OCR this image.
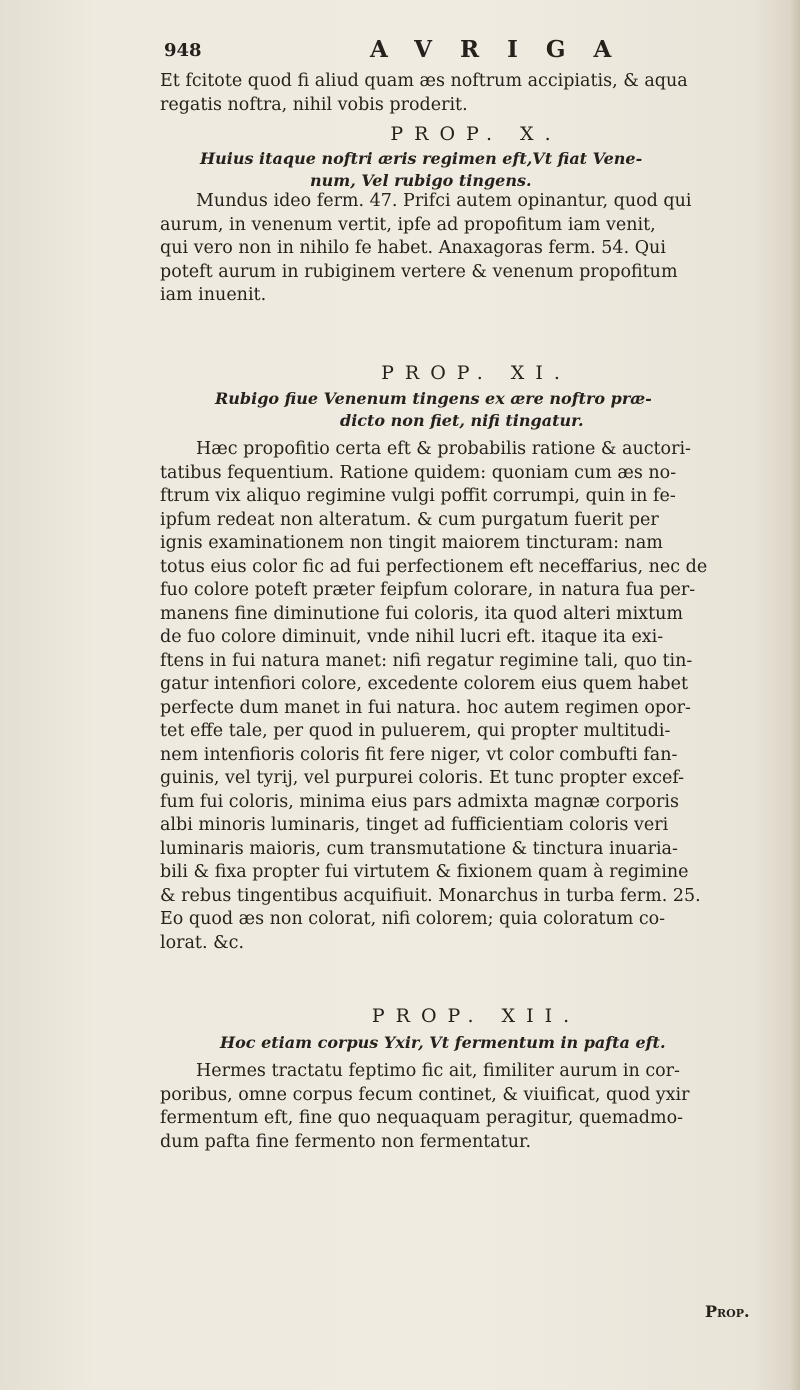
948	AVRIGA
Et fcitote quod fi aliud quam æs noftrum accipiatis, & aqua
regatis noftra, nihil vobis proderit.
PROP. X.
Huius itaque noftri æris regimen eft,Vt fiat Vene-
num, Vel rubigo tingens.
Mundus ideo ferm. 47. Prifci autem opinantur, quod qui
aurum, in venenum vertit, ipfe ad propofitum iam venit,
qui vero non in nihilo fe habet. Anaxagoras ferm. 54. Qui
poteft aurum in rubiginem vertere & venenum propofitum
iam inuenit.
PROP. XI.
Rubigo fiue Venenum tingens ex ære noftro præ-
dicto non fiet, nifi tingatur.
Hæc propofitio certa eft & probabilis ratione & auctori-
tatibus fequentium. Ratione quidem: quoniam cum æs no-
ftrum vix aliquo regimine vulgi poffit corrumpi, quin in fe-
ipfum redeat non alteratum. & cum purgatum fuerit per
ignis examinationem non tingit maiorem tincturam: nam
totus eius color fic ad fui perfectionem eft neceffarius, nec de
fuo colore poteft præter feipfum colorare, in natura fua per-
manens fine diminutione fui coloris, ita quod alteri mixtum
de fuo colore diminuit, vnde nihil lucri eft. itaque ita exi-
ftens in fui natura manet: nifi regatur regimine tali, quo tin-
gatur intenfiori colore, excedente colorem eius quem habet
perfecte dum manet in fui natura. hoc autem regimen opor-
tet effe tale, per quod in puluerem, qui propter multitudi-
nem intenfioris coloris fit fere niger, vt color combufti fan-
guinis, vel tyrij, vel purpurei coloris. Et tunc propter excef-
fum fui coloris, minima eius pars admixta magnæ corporis
albi minoris luminaris, tinget ad fufficientiam coloris veri
luminaris maioris, cum transmutatione & tinctura inuaria-
bili & fixa propter fui virtutem & fixionem quam à regimine
& rebus tingentibus acquifiuit. Monarchus in turba ferm. 25.
Eo quod æs non colorat, nifi colorem; quia coloratum co-
lorat. &c.
PROP. XII.
Hoc etiam corpus Yxir, Vt fermentum in pafta eft.
Hermes tractatu feptimo fic ait, fimiliter aurum in cor-
poribus, omne corpus fecum continet, & viuificat, quod yxir
fermentum eft, fine quo nequaquam peragitur, quemadmo-
dum pafta fine fermento non fermentatur.
Prop.
